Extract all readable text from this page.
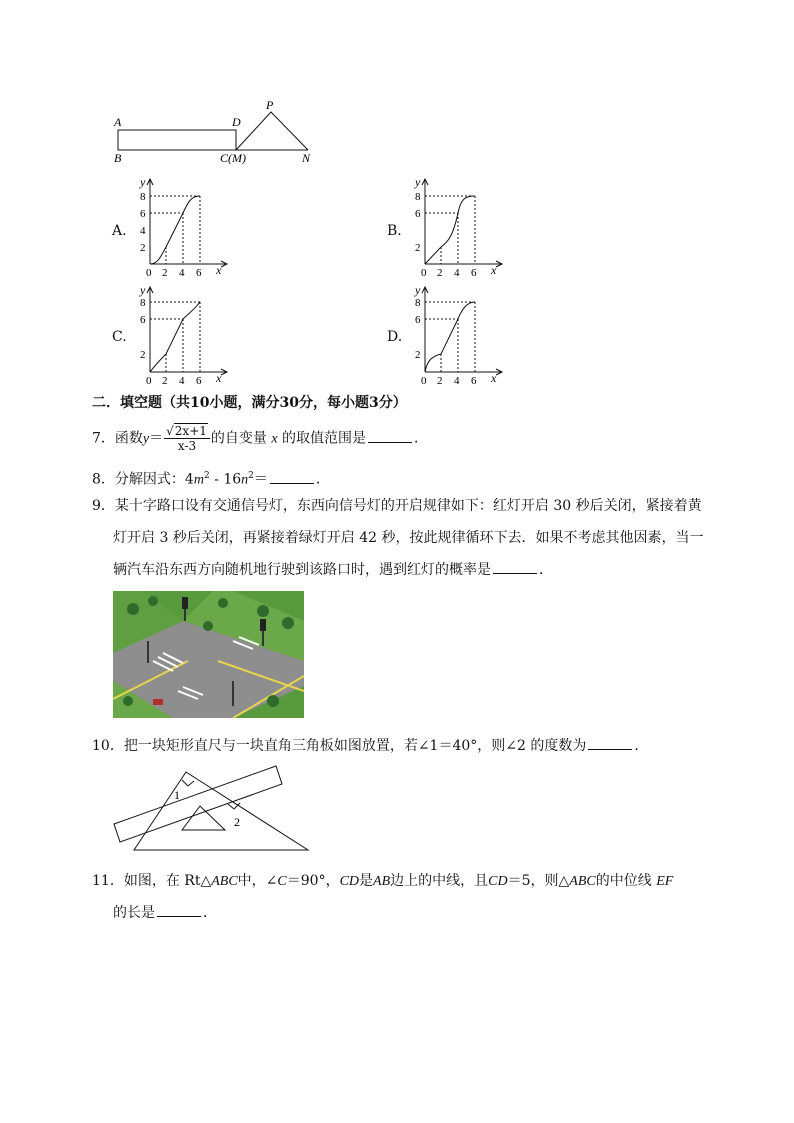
A
B
D
C(M)
P
N
A.
y
x
8
6
4
2
0 2 4 6
B.
y
x
8
6
2
0 2 4 6
C.
y
x
8
6
2
0 2 4 6
D.
y
x
8
6
2
0 2 4 6
二．填空题（共10小题，满分30分，每小题3分）
7．函数$y= \frac{√2x+1}{x-3}$ 的自变量 x 的取值范围是	．
8．分解因式：$4m^2 - 16n^2=$	．
9．某十字路口设有交通信号灯，东西向信号灯的开启规律如下：红灯开启 30 秒后关闭，紧接着黄
灯开启 3 秒后关闭，再紧接着绿灯开启 42 秒，按此规律循环下去．如果不考虑其他因素，当一
辆汽车沿东西方向随机地行驶到该路口时，遇到红灯的概率是	．
10．把一块矩形直尺与一块直角三角板如图放置，若∠1＝40°，则∠2 的度数为	．
1
2
11．如图，在 Rt△ABC中，∠C＝90°，CD是AB边上的中线，且CD＝5，则△ABC的中位线 EF
的长是	．
